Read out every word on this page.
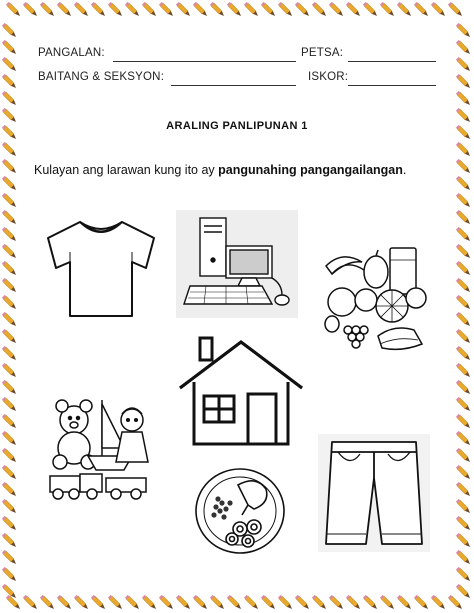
PANGALAN:	PETSA:
BAITANG & SEKSYON:	ISKOR:
ARALING PANLIPUNAN 1
Kulayan ang larawan kung ito ay pangunahing pangangailangan.
